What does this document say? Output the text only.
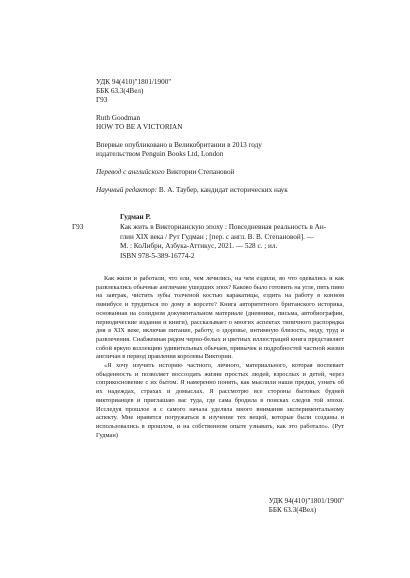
УДК 94(410)"1801/1900"
ББК 63.3(4Вел)
Г93
Ruth Goodman
HOW TO BE A VICTORIAN
Впервые опубликовано в Великобритании в 2013 году
издательством Penguin Books Ltd, London
Перевод с английского Виктории Степановой
Научный редактор: В. А. Таубер, кандидат исторических наук
Гудман Р.
Г93	Как жить в Викторианскую эпоху : Повседневная реальность в Ан-
глии XIX века / Рут Гудман ; [пер. с англ. В. В. Степановой]. —
М. : КоЛибри, Азбука-Аттикус, 2021. — 528 с. ; ил.
ISBN 978-5-389-16774-2

Как жили и работали, что ели, чем лечились, на чем ездили, во что одевались и как развлекались обычные англичане ушедших эпох? Каково было готовить на угле, пить пиво на завтрак, чистить зубы толченой костью каракатицы, ездить на работу в конном омнибусе и трудиться по дому в корсете? Книга авторитетного британского историка, основанная на солидном документальном материале (дневники, письма, автобиографии, периодические издания и книги), рассказывает о многих аспектах типичного распорядка дня в XIX веке, включая питание, работу, о здоровье, интимную близость, моду, труд и развлечения. Снабженная рядом черно-белых и цветных иллюстраций книга представляет собой яркую коллекцию удивительных обычаев, привычек и подробностей частной жизни англичан в период правления королевы Виктории.

«Я хочу изучить историю частного, личного, материального, которая воспевает обыденность и позволяет воссоздать жизни простых людей, взрослых и детей, через соприкосновение с их бытом. Я намеренно понять, как мыслили наши предки, узнать об их надеждах, страхах и домыслах. Я рассмотрю все стороны бытовых будней викторианцев и приглашаю вас туда, где сама бродила в поисках следов той эпохи. Исследуя прошлое я с самого начала уделяла много внимания экспериментальному аспекту. Мне нравится погружаться в изучение тех вещей, которые были созданы и использовались в прошлом, и на собственном опыте узнавать, как это работало». (Рут Гудман)

УДК 94(410)"1801/1900"
ББК 63.3(4Вел)
